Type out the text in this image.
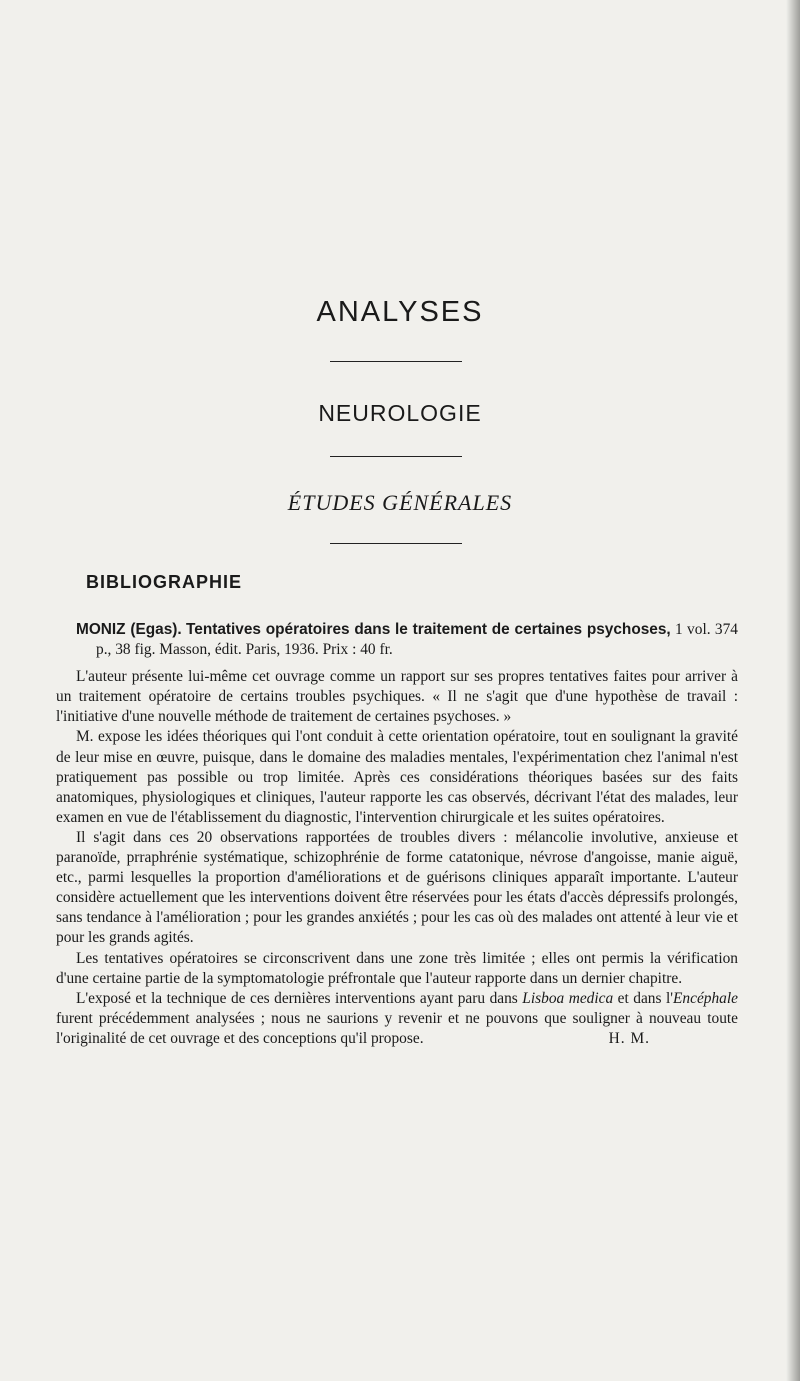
ANALYSES
NEUROLOGIE
ÉTUDES GÉNÉRALES
BIBLIOGRAPHIE

MONIZ (Egas). Tentatives opératoires dans le traitement de certaines psychoses, 1 vol. 374 p., 38 fig. Masson, édit. Paris, 1936. Prix : 40 fr.

L'auteur présente lui-même cet ouvrage comme un rapport sur ses propres tentatives faites pour arriver à un traitement opératoire de certains troubles psychiques. « Il ne s'agit que d'une hypothèse de travail : l'initiative d'une nouvelle méthode de traitement de certaines psychoses. »

M. expose les idées théoriques qui l'ont conduit à cette orientation opératoire, tout en soulignant la gravité de leur mise en œuvre, puisque, dans le domaine des maladies mentales, l'expérimentation chez l'animal n'est pratiquement pas possible ou trop limitée. Après ces considérations théoriques basées sur des faits anatomiques, physiologiques et cliniques, l'auteur rapporte les cas observés, décrivant l'état des malades, leur examen en vue de l'établissement du diagnostic, l'intervention chirurgicale et les suites opératoires.

Il s'agit dans ces 20 observations rapportées de troubles divers : mélancolie involutive, anxieuse et paranoïde, prraphrénie systématique, schizophrénie de forme catatonique, névrose d'angoisse, manie aiguë, etc., parmi lesquelles la proportion d'améliorations et de guérisons cliniques apparaît importante. L'auteur considère actuellement que les interventions doivent être réservées pour les états d'accès dépressifs prolongés, sans tendance à l'amélioration ; pour les grandes anxiétés ; pour les cas où des malades ont attenté à leur vie et pour les grands agités.

Les tentatives opératoires se circonscrivent dans une zone très limitée ; elles ont permis la vérification d'une certaine partie de la symptomatologie préfrontale que l'auteur rapporte dans un dernier chapitre.

L'exposé et la technique de ces dernières interventions ayant paru dans Lisboa medica et dans l'Encéphale furent précédemment analysées ; nous ne saurions y revenir et ne pouvons que souligner à nouveau toute l'originalité de cet ouvrage et des conceptions qu'il propose.	H. M.
